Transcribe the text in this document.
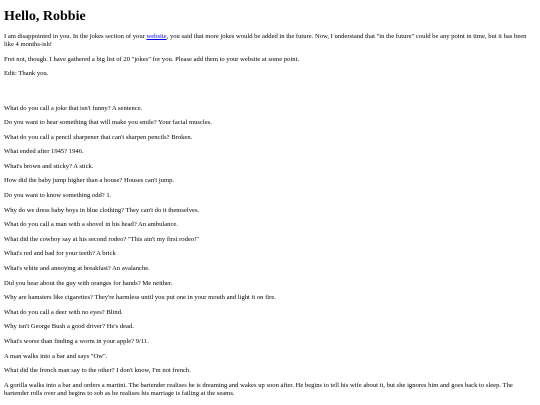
Hello, Robbie

I am disappointed in you. In the jokes section of your website, you said that more jokes would be added in the future. Now, I understand that "in the future" could be any point in time, but it has been like 4 months-ish!

Fret not, though. I have gathered a big list of 20 "jokes" for you. Please add them to your website at some point.

Edit: Thank you.

What do you call a joke that isn't funny? A sentence.

Do you want to hear something that will make you smile? Your facial muscles.

What do you call a pencil sharpener that can't sharpen pencils? Broken.

What ended after 1945? 1946.

What's brown and sticky? A stick.

How did the baby jump higher than a house? Houses can't jump.

Do you want to know something odd? 1.

Why do we dress baby boys in blue clothing? They can't do it themselves.

What do you call a man with a shovel in his head? An ambulance.

What did the cowboy say at his second rodeo? "This ain't my first rodeo!"

What's red and bad for your teeth? A brick

What's white and annoying at breakfast? An avalanche.

Did you hear about the guy with oranges for hands? Me neither.

Why are hamsters like cigarettes? They're harmless until you put one in your mouth and light it on fire.

What do you call a deer with no eyes? Blind.

Why isn't George Bush a good driver? He's dead.

What's worse than finding a worm in your apple? 9/11.

A man walks into a bar and says "Ow".

What did the french man say to the other? I don't know, I'm not french.

A gorilla walks into a bar and orders a martini. The bartender realises he is dreaming and wakes up soon after. He begins to tell his wife about it, but she ignores him and goes back to sleep. The bartender rolls over and begins to sob as he realises his marriage is failing at the seams.
